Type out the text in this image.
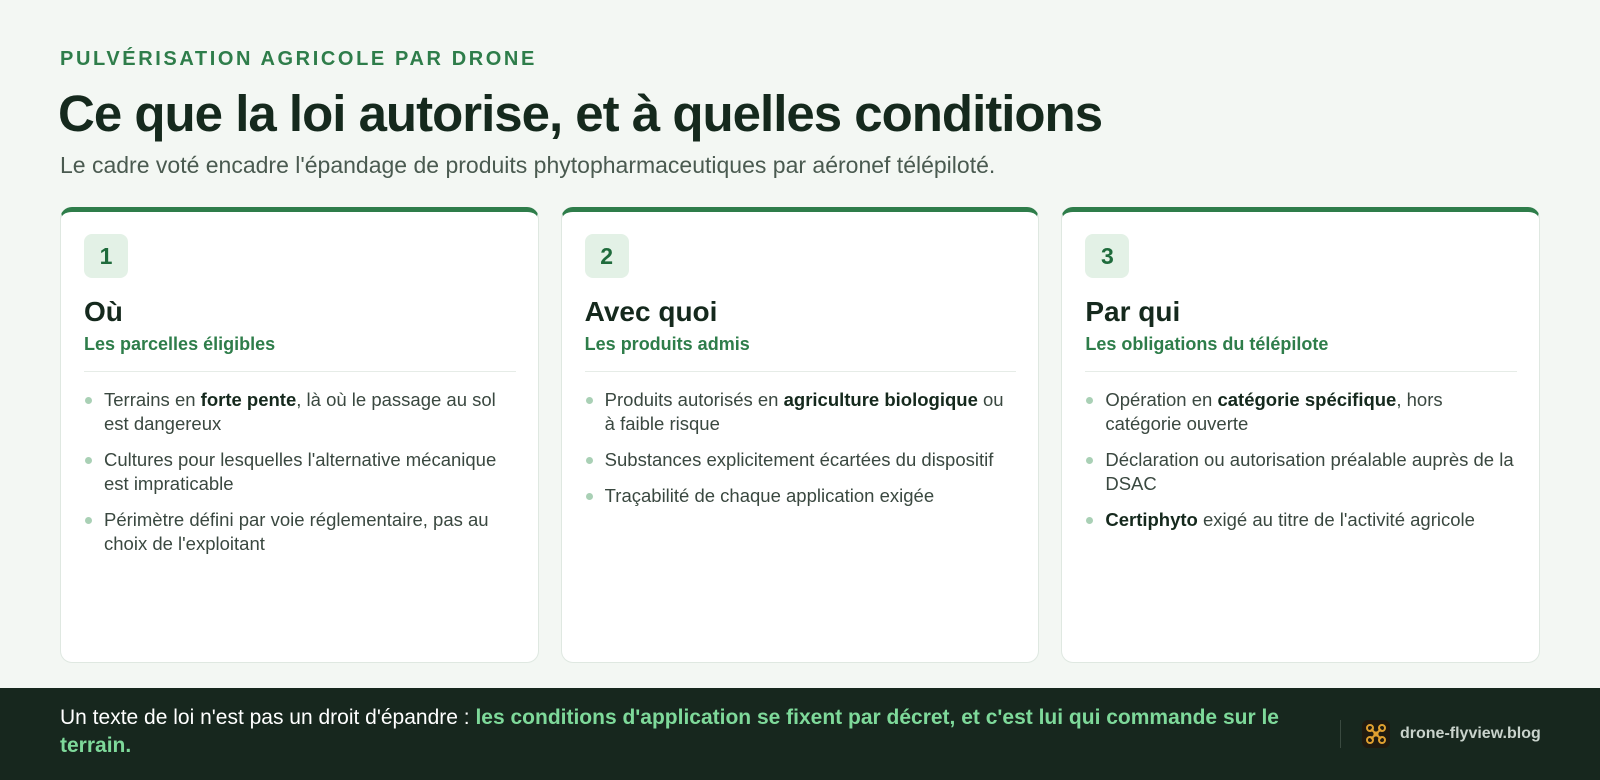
PULVÉRISATION AGRICOLE PAR DRONE
Ce que la loi autorise, et à quelles conditions

Le cadre voté encadre l'épandage de produits phytopharmaceutiques par aéronef télépiloté.

1
Où
Les parcelles éligibles
Terrains en forte pente, là où le passage au sol est dangereux
Cultures pour lesquelles l'alternative mécanique est impraticable
Périmètre défini par voie réglementaire, pas au choix de l'exploitant
2
Avec quoi
Les produits admis
Produits autorisés en agriculture biologique ou à faible risque
Substances explicitement écartées du dispositif
Traçabilité de chaque application exigée
3
Par qui
Les obligations du télépilote
Opération en catégorie spécifique, hors catégorie ouverte
Déclaration ou autorisation préalable auprès de la DSAC
Certiphyto exigé au titre de l'activité agricole

Un texte de loi n'est pas un droit d'épandre : les conditions d'application se fixent par décret, et c'est lui qui commande sur le terrain.

drone-flyview.blog
